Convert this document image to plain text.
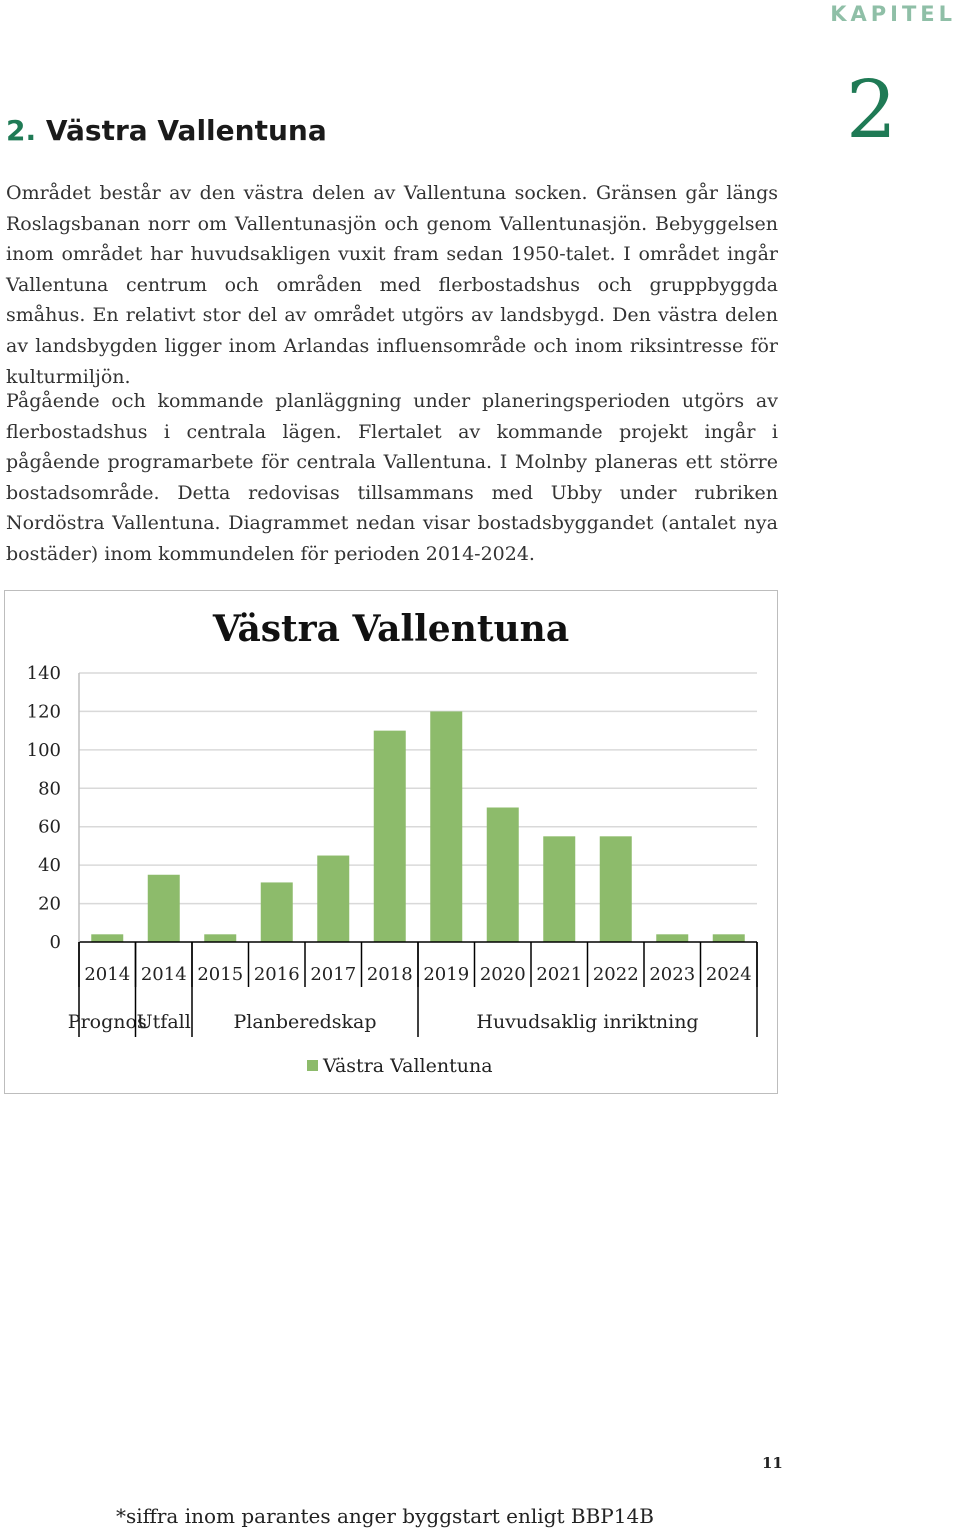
KAPITEL
2
2. Västra Vallentuna

Området består av den västra delen av Vallentuna socken. Gränsen går längs Roslagsbanan norr om Vallentunasjön och genom Vallentunasjön. Bebyggelsen inom området har huvudsakligen vuxit fram sedan 1950-talet. I området ingår Vallentuna centrum och områden med flerbostadshus och gruppbyggda småhus. En relativt stor del av området utgörs av landsbygd. Den västra delen av landsbygden ligger inom Arlandas influensområde och inom riksintresse för kulturmiljön.

Pågående och kommande planläggning under planeringsperioden utgörs av flerbostadshus i centrala lägen. Flertalet av kommande projekt ingår i pågående programarbete för centrala Vallentuna. I Molnby planeras ett större bostadsområde. Detta redovisas tillsammans med Ubby under rubriken Nordöstra Vallentuna. Diagrammet nedan visar bostadsbyggandet (antalet nya bostäder) inom kommundelen för perioden 2014-2024.

Västra Vallentuna
0
20
40
60
80
100
120
140
2014 2014 2015 2016 2017 2018 2019 2020 2021 2022 2023 2024
Prognos
Utfall Planberedskap	Huvudsaklig inriktning
Västra Vallentuna
11
*siffra inom parantes anger byggstart enligt BBP14B
